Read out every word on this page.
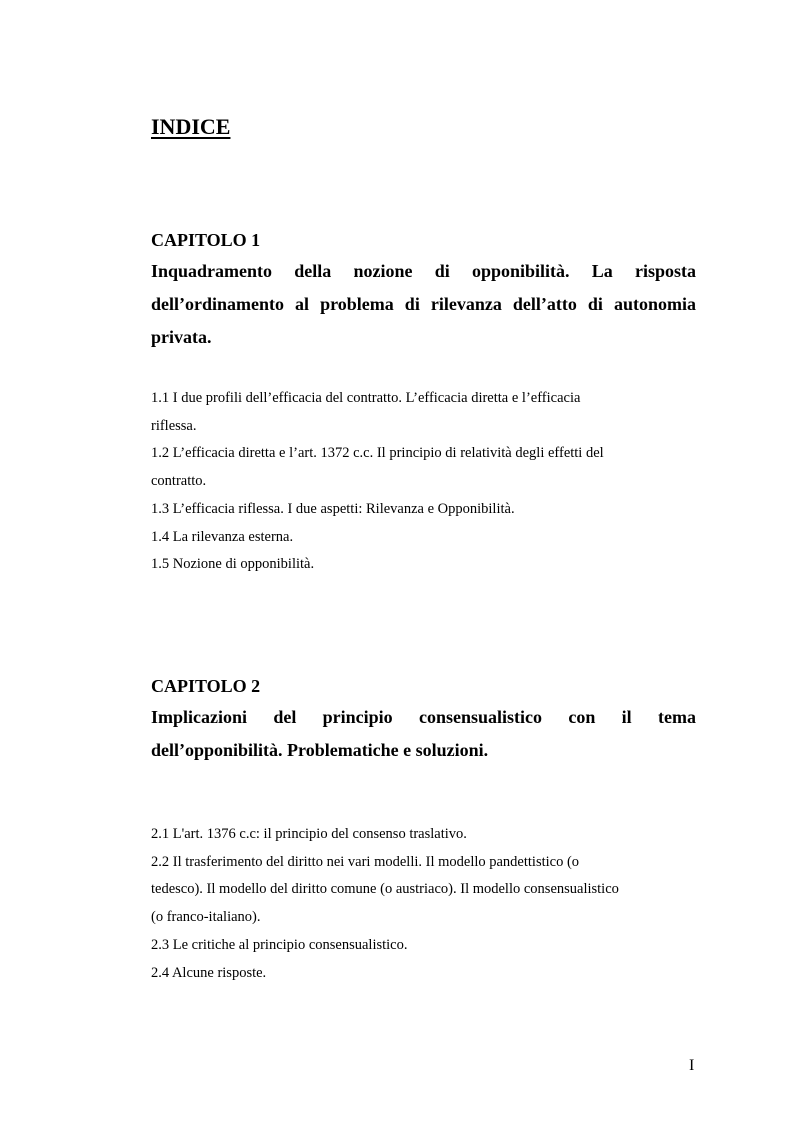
INDICE
CAPITOLO 1
Inquadramento della nozione di opponibilità. La risposta
dell’ordinamento al problema di rilevanza dell’atto di autonomia
privata.
1.1 I due profili dell’efficacia del contratto. L’efficacia diretta e l’efficacia
riflessa.
1.2 L’efficacia diretta e l’art. 1372 c.c. Il principio di relatività degli effetti del
contratto.
1.3 L’efficacia riflessa. I due aspetti: Rilevanza e Opponibilità.
1.4 La rilevanza esterna.
1.5 Nozione di opponibilità.
CAPITOLO 2
Implicazioni del principio consensualistico con il tema
dell’opponibilità. Problematiche e soluzioni.
2.1 L'art. 1376 c.c: il principio del consenso traslativo.
2.2 Il trasferimento del diritto nei vari modelli. Il modello pandettistico (o
tedesco). Il modello del diritto comune (o austriaco). Il modello consensualistico
(o franco-italiano).
2.3 Le critiche al principio consensualistico.
2.4 Alcune risposte.
I
